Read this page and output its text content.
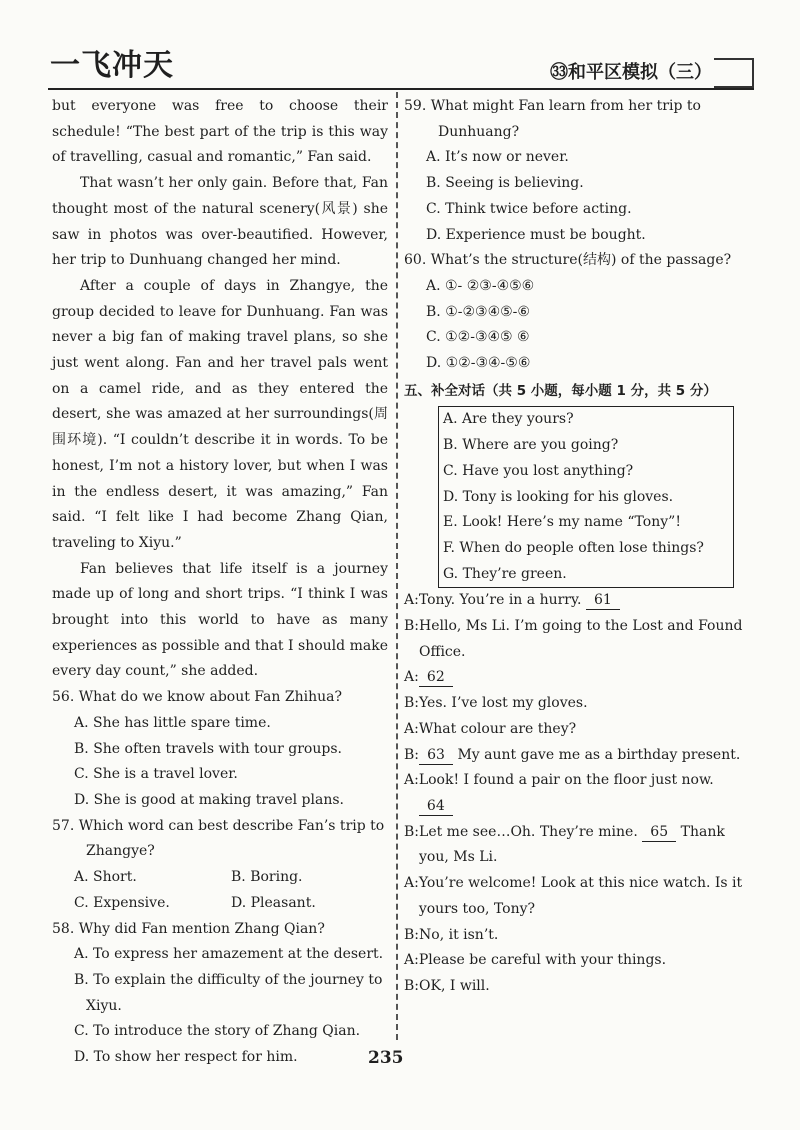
一飞冲天	㉝和平区模拟（三）

but everyone was free to choose their schedule! “The best part of the trip is this way of travelling, casual and romantic,” Fan said.

That wasn’t her only gain. Before that, Fan thought most of the natural scenery(风景) she saw in photos was over-beautified. However, her trip to Dunhuang changed her mind.

After a couple of days in Zhangye, the group decided to leave for Dunhuang. Fan was never a big fan of making travel plans, so she just went along. Fan and her travel pals went on a camel ride, and as they entered the desert, she was amazed at her surroundings(周围环境). “I couldn’t describe it in words. To be honest, I’m not a history lover, but when I was in the endless desert, it was amazing,” Fan said. “I felt like I had become Zhang Qian, traveling to Xiyu.”

Fan believes that life itself is a journey made up of long and short trips. “I think I was brought into this world to have as many experiences as possible and that I should make every day count,” she added.

56. What do we know about Fan Zhihua?
A. She has little spare time.
B. She often travels with tour groups.
C. She is a travel lover.
D. She is good at making travel plans.
57. Which word can best describe Fan’s trip to
Zhangye?
A. Short.	B. Boring.
C. Expensive.	D. Pleasant.
58. Why did Fan mention Zhang Qian?
A. To express her amazement at the desert.
B. To explain the difficulty of the journey to
Xiyu.
C. To introduce the story of Zhang Qian.
D. To show her respect for him.
59. What might Fan learn from her trip to
Dunhuang?
A. It’s now or never.
B. Seeing is believing.
C. Think twice before acting.
D. Experience must be bought.
60. What’s the structure(结构) of the passage?
A. ①- ②③-④⑤⑥
B. ①-②③④⑤-⑥
C. ①②-③④⑤ ⑥
D. ①②-③④-⑤⑥
五、补全对话（共 5 小题，每小题 1 分，共 5 分）
A. Are they yours?
B. Where are you going?
C. Have you lost anything?
D. Tony is looking for his gloves.
E. Look! Here’s my name “Tony”!
F. When do people often lose things?
G. They’re green.
A: Tony. You’re in a hurry. 61
B: Hello, Ms Li. I’m going to the Lost and Found Office.
A: 62
B: Yes. I’ve lost my gloves.
A: What colour are they?
B: 63 My aunt gave me as a birthday present.
A: Look! I found a pair on the floor just now. 64
B: Let me see…Oh. They’re mine. 65 Thank you, Ms Li.
A: You’re welcome! Look at this nice watch. Is it yours too, Tony?
B: No, it isn’t.
A: Please be careful with your things.
B: OK, I will.
235
